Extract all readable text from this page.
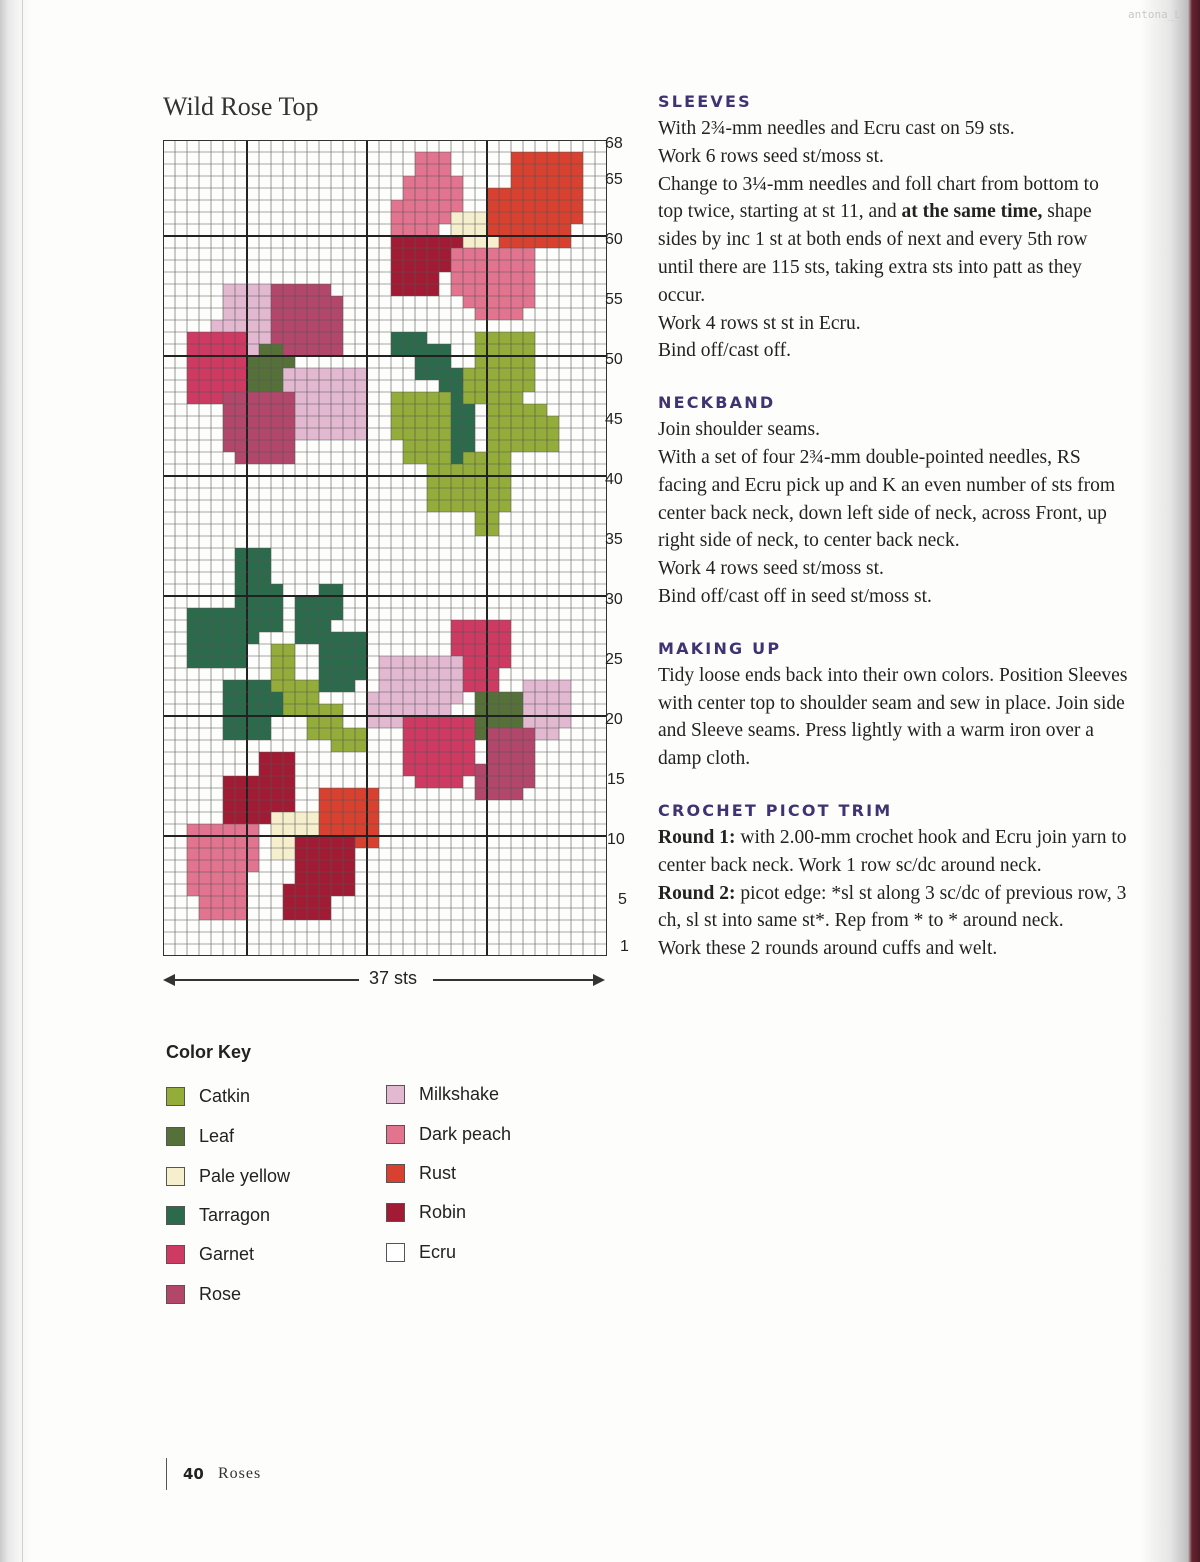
antona_L
Wild Rose Top
68
65
60
55
50
45
40
35
30
25
20
15
10
5
1
37 sts
Color Key
Catkin
Leaf
Pale yellow
Tarragon
Garnet
Rose
Milkshake
Dark peach
Rust
Robin
Ecru
SLEEVES

With 2¾-mm needles and Ecru cast on 59 sts.

Work 6 rows seed st/moss st.

Change to 3¼-mm needles and foll chart from bottom to top twice, starting at st 11, and at the same time, shape sides by inc 1 st at both ends of next and every 5th row until there are 115 sts, taking extra sts into patt as they occur.

Work 4 rows st st in Ecru.

Bind off/cast off.

NECKBAND

Join shoulder seams.

With a set of four 2¾-mm double-pointed needles, RS facing and Ecru pick up and K an even number of sts from center back neck, down left side of neck, across Front, up right side of neck, to center back neck.

Work 4 rows seed st/moss st.

Bind off/cast off in seed st/moss st.

MAKING UP

Tidy loose ends back into their own colors. Position Sleeves with center top to shoulder seam and sew in place. Join side and Sleeve seams. Press lightly with a warm iron over a damp cloth.

CROCHET PICOT TRIM

Round 1: with 2.00-mm crochet hook and Ecru join yarn to center back neck. Work 1 row sc/dc around neck.

Round 2: picot edge: *sl st along 3 sc/dc of previous row, 3 ch, sl st into same st*. Rep from * to * around neck.

Work these 2 rounds around cuffs and welt.

40 Roses
